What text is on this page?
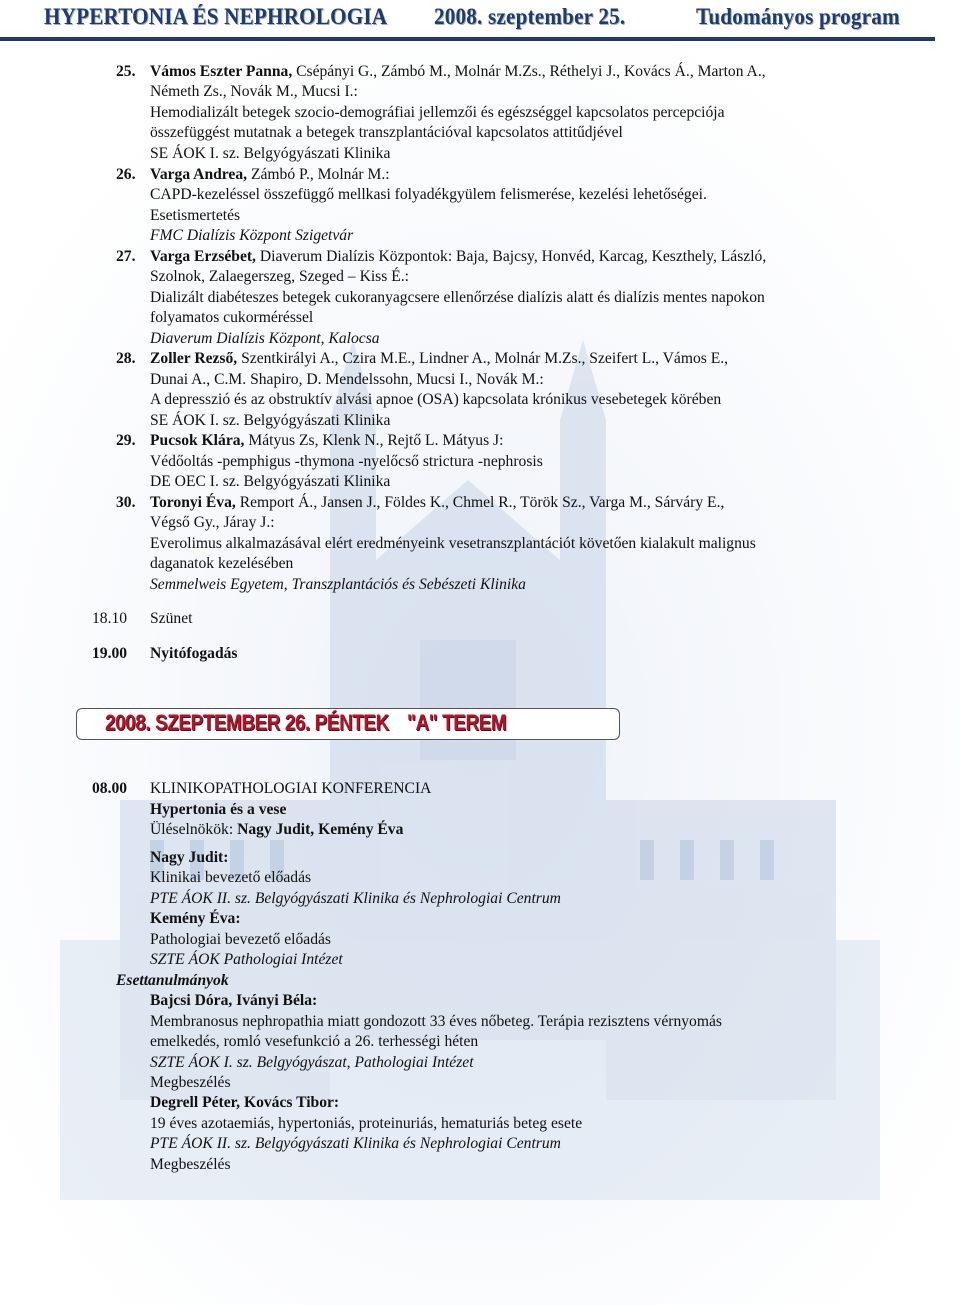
HYPERTONIA ÉS NEPHROLOGIA 2008. szeptember 25.	Tudományos program
25. Vámos Eszter Panna, Csépányi G., Zámbó M., Molnár M.Zs., Réthelyi J., Kovács Á., Marton A.,
Németh Zs., Novák M., Mucsi I.:
Hemodializált betegek szocio-demográfiai jellemzői és egészséggel kapcsolatos percepciója
összefüggést mutatnak a betegek transzplantációval kapcsolatos attitűdjével
SE ÁOK I. sz. Belgyógyászati Klinika
26. Varga Andrea, Zámbó P., Molnár M.:
CAPD-kezeléssel összefüggő mellkasi folyadékgyülem felismerése, kezelési lehetőségei.
Esetismertetés
FMC Dialízis Központ Szigetvár
27. Varga Erzsébet, Diaverum Dialízis Központok: Baja, Bajcsy, Honvéd, Karcag, Keszthely, László,
Szolnok, Zalaegerszeg, Szeged – Kiss É.:
Dializált diabéteszes betegek cukoranyagcsere ellenőrzése dialízis alatt és dialízis mentes napokon
folyamatos cukorméréssel
Diaverum Dialízis Központ, Kalocsa
28. Zoller Rezső, Szentkirályi A., Czira M.E., Lindner A., Molnár M.Zs., Szeifert L., Vámos E.,
Dunai A., C.M. Shapiro, D. Mendelssohn, Mucsi I., Novák M.:
A depresszió és az obstruktív alvási apnoe (OSA) kapcsolata krónikus vesebetegek körében
SE ÁOK I. sz. Belgyógyászati Klinika
29. Pucsok Klára, Mátyus Zs, Klenk N., Rejtő L. Mátyus J:
Védőoltás -pemphigus -thymona -nyelőcső strictura -nephrosis
DE OEC I. sz. Belgyógyászati Klinika
30. Toronyi Éva, Remport Á., Jansen J., Földes K., Chmel R., Török Sz., Varga M., Sárváry E.,
Végső Gy., Járay J.:
Everolimus alkalmazásával elért eredményeink vesetranszplantációt követően kialakult malignus
daganatok kezelésében
Semmelweis Egyetem, Transzplantációs és Sebészeti Klinika
18.10 Szünet
19.00 Nyitófogadás
2008. SZEPTEMBER 26. PÉNTEK "A" TEREM
08.00 KLINIKOPATHOLOGIAI KONFERENCIA
Hypertonia és a vese
Üléselnökök: Nagy Judit, Kemény Éva
Nagy Judit:
Klinikai bevezető előadás
PTE ÁOK II. sz. Belgyógyászati Klinika és Nephrologiai Centrum
Kemény Éva:
Pathologiai bevezető előadás
SZTE ÁOK Pathologiai Intézet
Esettanulmányok
Bajcsi Dóra, Iványi Béla:
Membranosus nephropathia miatt gondozott 33 éves nőbeteg. Terápia rezisztens vérnyomás
emelkedés, romló vesefunkció a 26. terhességi héten
SZTE ÁOK I. sz. Belgyógyászat, Pathologiai Intézet
Megbeszélés
Degrell Péter, Kovács Tibor:
19 éves azotaemiás, hypertoniás, proteinuriás, hematuriás beteg esete
PTE ÁOK II. sz. Belgyógyászati Klinika és Nephrologiai Centrum
Megbeszélés
